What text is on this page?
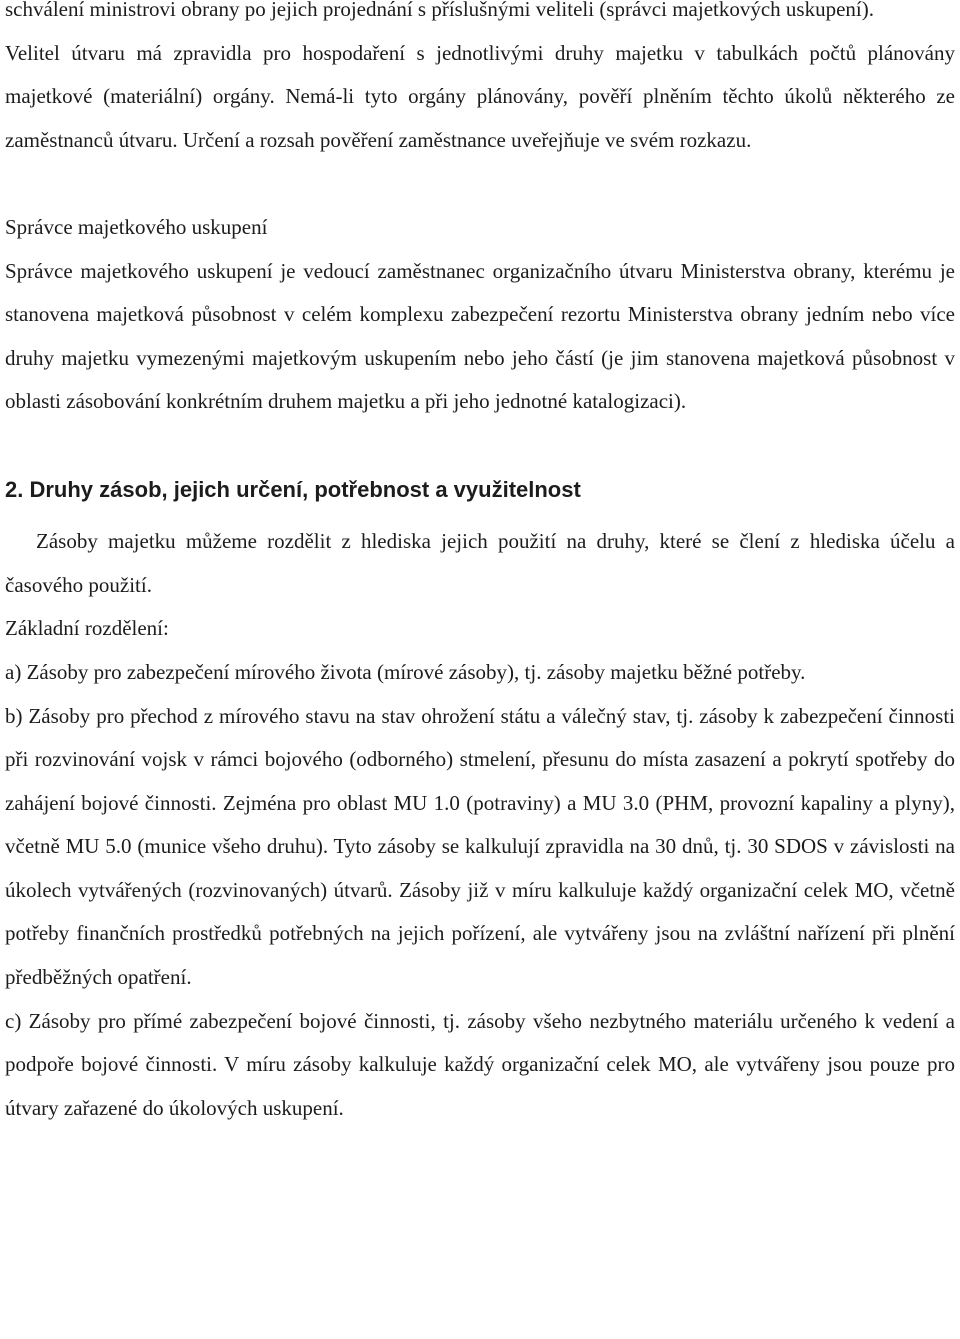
schválení ministrovi obrany po jejich projednání s příslušnými veliteli (správci majetkových uskupení).

Velitel útvaru má zpravidla pro hospodaření s jednotlivými druhy majetku v tabulkách počtů plánovány majetkové (materiální) orgány. Nemá-li tyto orgány plánovány, pověří plněním těchto úkolů některého ze zaměstnanců útvaru. Určení a rozsah pověření zaměstnance uveřejňuje ve svém rozkazu.

Správce majetkového uskupení

Správce majetkového uskupení je vedoucí zaměstnanec organizačního útvaru Ministerstva obrany, kterému je stanovena majetková působnost v celém komplexu zabezpečení rezortu Ministerstva obrany jedním nebo více druhy majetku vymezenými majetkovým uskupením nebo jeho částí (je jim stanovena majetková působnost v oblasti zásobování konkrétním druhem majetku a při jeho jednotné katalogizaci).

2. Druhy zásob, jejich určení, potřebnost a využitelnost

Zásoby majetku můžeme rozdělit z hlediska jejich použití na druhy, které se člení z hlediska účelu a časového použití.

Základní rozdělení:

a) Zásoby pro zabezpečení mírového života (mírové zásoby), tj. zásoby majetku běžné potřeby.

b) Zásoby pro přechod z mírového stavu na stav ohrožení státu a válečný stav, tj. zásoby k zabezpečení činnosti při rozvinování vojsk v rámci bojového (odborného) stmelení, přesunu do místa zasazení a pokrytí spotřeby do zahájení bojové činnosti. Zejména pro oblast MU 1.0 (potraviny) a MU 3.0 (PHM, provozní kapaliny a plyny), včetně MU 5.0 (munice všeho druhu). Tyto zásoby se kalkulují zpravidla na 30 dnů, tj. 30 SDOS v závislosti na úkolech vytvářených (rozvinovaných) útvarů. Zásoby již v míru kalkuluje každý organizační celek MO, včetně potřeby finančních prostředků potřebných na jejich pořízení, ale vytvářeny jsou na zvláštní nařízení při plnění předběžných opatření.

c) Zásoby pro přímé zabezpečení bojové činnosti, tj. zásoby všeho nezbytného materiálu určeného k vedení a podpoře bojové činnosti. V míru zásoby kalkuluje každý organizační celek MO, ale vytvářeny jsou pouze pro útvary zařazené do úkolových uskupení.
